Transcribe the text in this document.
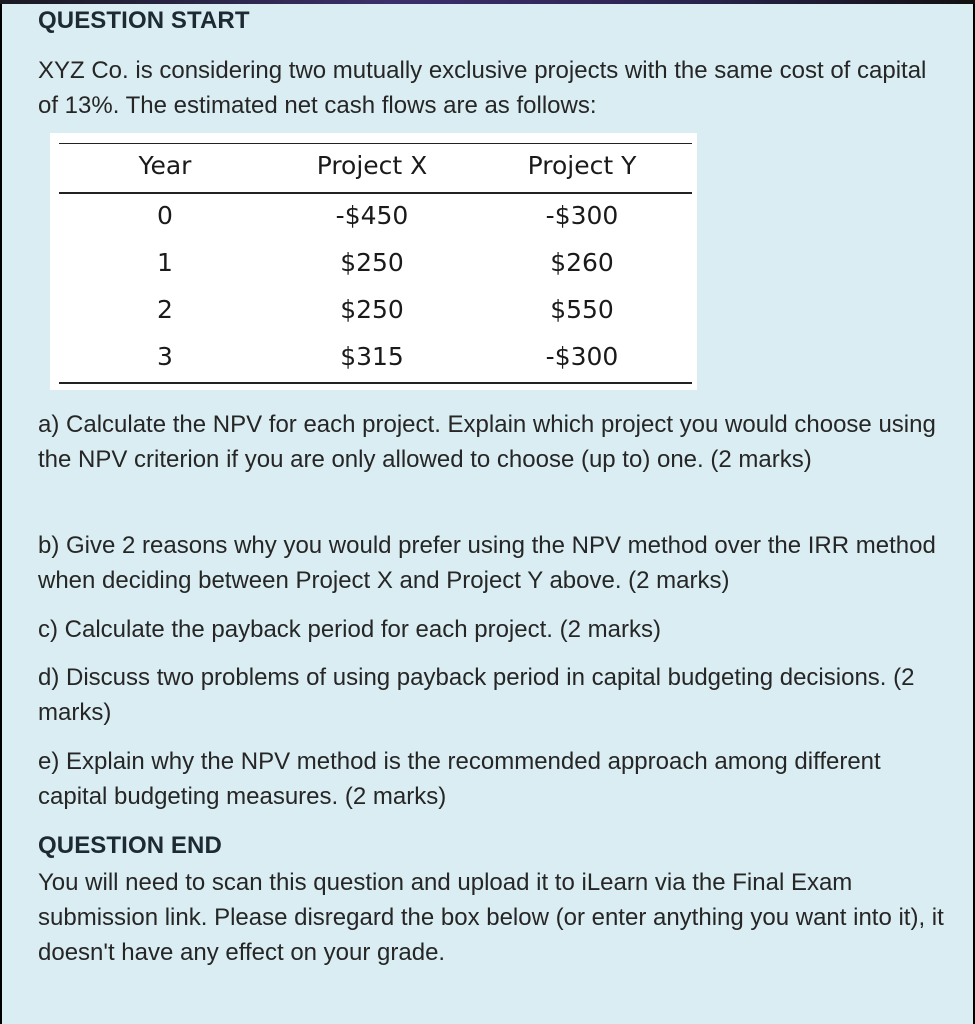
QUESTION START
XYZ Co. is considering two mutually exclusive projects with the same cost of capital of 13%. The estimated net cash flows are as follows:
Year	Project X	Project Y
0	-$450	-$300
1	$250	$260
2	$250	$550
3	$315	-$300
a) Calculate the NPV for each project. Explain which project you would choose using the NPV criterion if you are only allowed to choose (up to) one. (2 marks)
b) Give 2 reasons why you would prefer using the NPV method over the IRR method when deciding between Project X and Project Y above. (2 marks)
c) Calculate the payback period for each project. (2 marks)
d) Discuss two problems of using payback period in capital budgeting decisions. (2 marks)
e) Explain why the NPV method is the recommended approach among different capital budgeting measures. (2 marks)
QUESTION END
You will need to scan this question and upload it to iLearn via the Final Exam submission link. Please disregard the box below (or enter anything you want into it), it doesn't have any effect on your grade.
